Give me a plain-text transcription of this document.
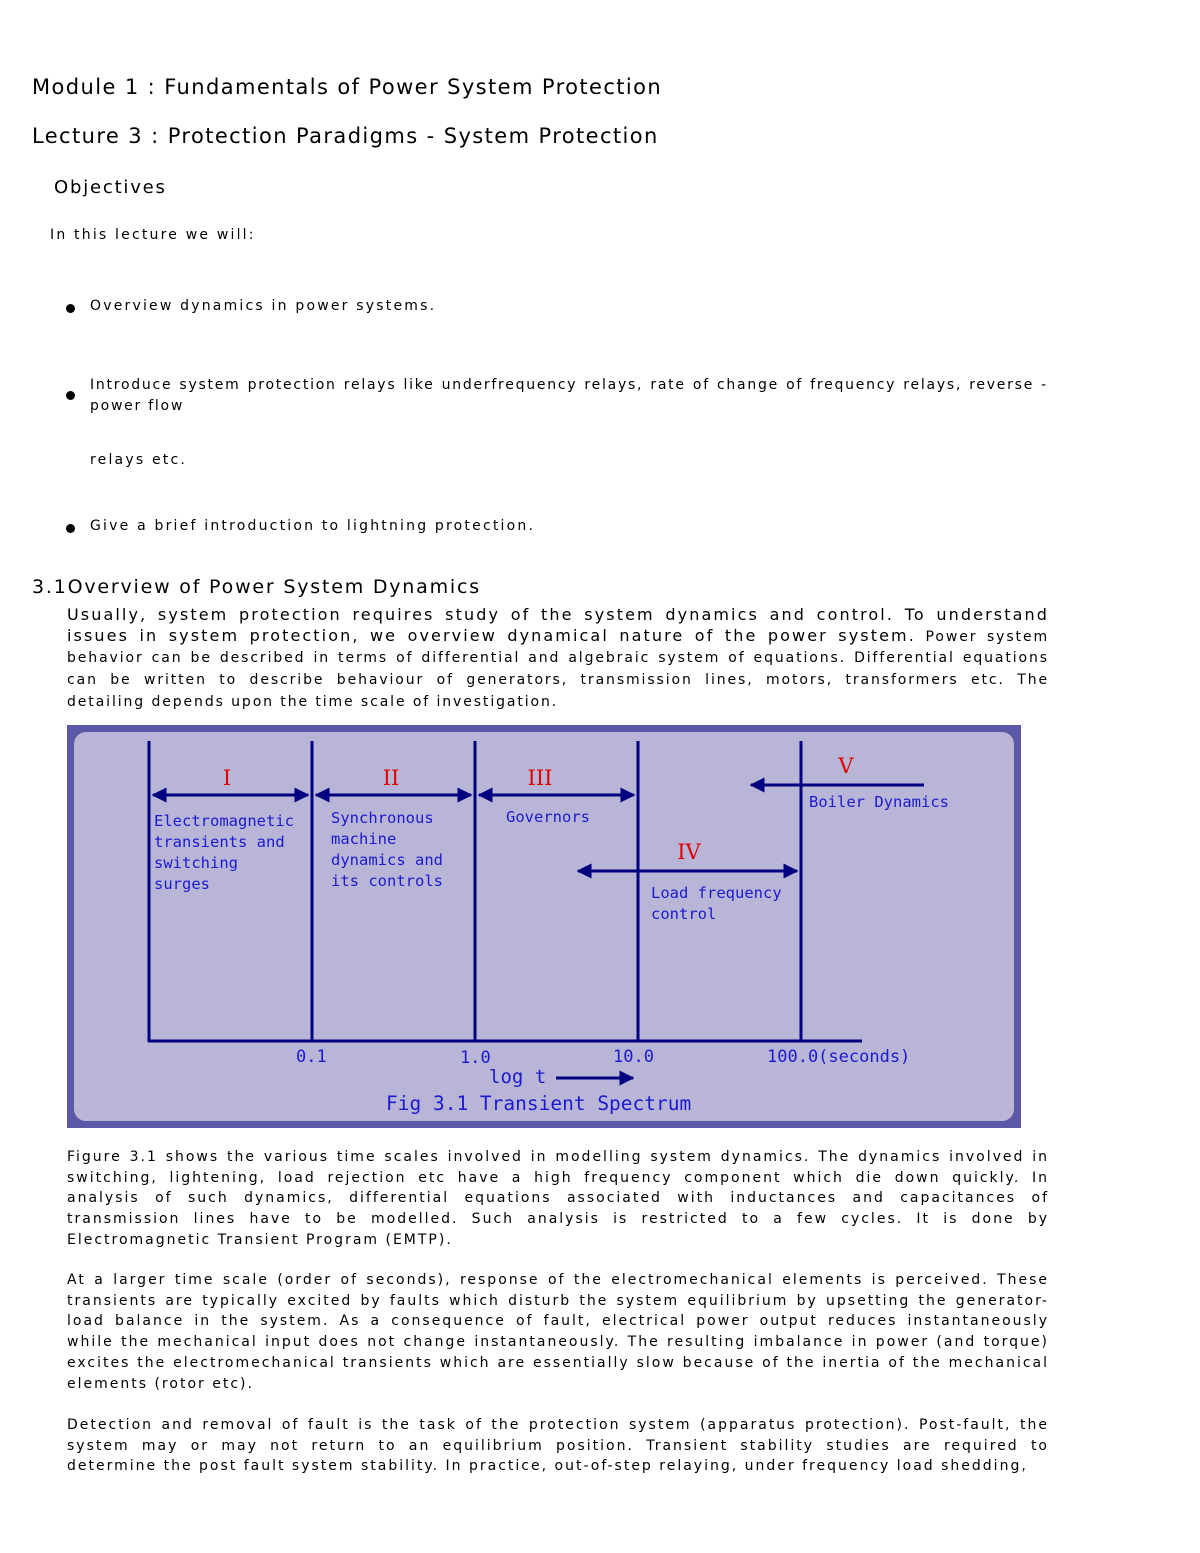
Module 1 : Fundamentals of Power System Protection
Lecture 3 : Protection Paradigms - System Protection
Objectives
In this lecture we will:
Overview dynamics in power systems.
Introduce system protection relays like underfrequency relays, rate of change of frequency relays, reverse - power flow
relays etc.
Give a brief introduction to lightning protection.
3.1Overview of Power System Dynamics
Usually, system protection requires study of the system dynamics and control. To understand issues in system protection, we overview dynamical nature of the power system. Power system behavior can be described in terms of differential and algebraic system of equations. Differential equations can be written to describe behaviour of generators, transmission lines, motors, transformers etc. The detailing depends upon the time scale of investigation.
I	II	III
IV
V
Electromagnetic transients and switching surges
Synchronous machine dynamics and its controls
Governors
Load frequency control
Boiler Dynamics
0.1	1.0	10.0	100.0(seconds)
log t
Fig 3.1 Transient Spectrum

Figure 3.1 shows the various time scales involved in modelling system dynamics. The dynamics involved in switching, lightening, load rejection etc have a high frequency component which die down quickly. In analysis of such dynamics, differential equations associated with inductances and capacitances of transmission lines have to be modelled. Such analysis is restricted to a few cycles. It is done by Electromagnetic Transient Program (EMTP).

At a larger time scale (order of seconds), response of the electromechanical elements is perceived. These transients are typically excited by faults which disturb the system equilibrium by upsetting the generator-load balance in the system. As a consequence of fault, electrical power output reduces instantaneously while the mechanical input does not change instantaneously. The resulting imbalance in power (and torque) excites the electromechanical transients which are essentially slow because of the inertia of the mechanical elements (rotor etc).

Detection and removal of fault is the task of the protection system (apparatus protection). Post-fault, the system may or may not return to an equilibrium position. Transient stability studies are required to determine the post fault system stability. In practice, out-of-step relaying, under frequency load shedding,
